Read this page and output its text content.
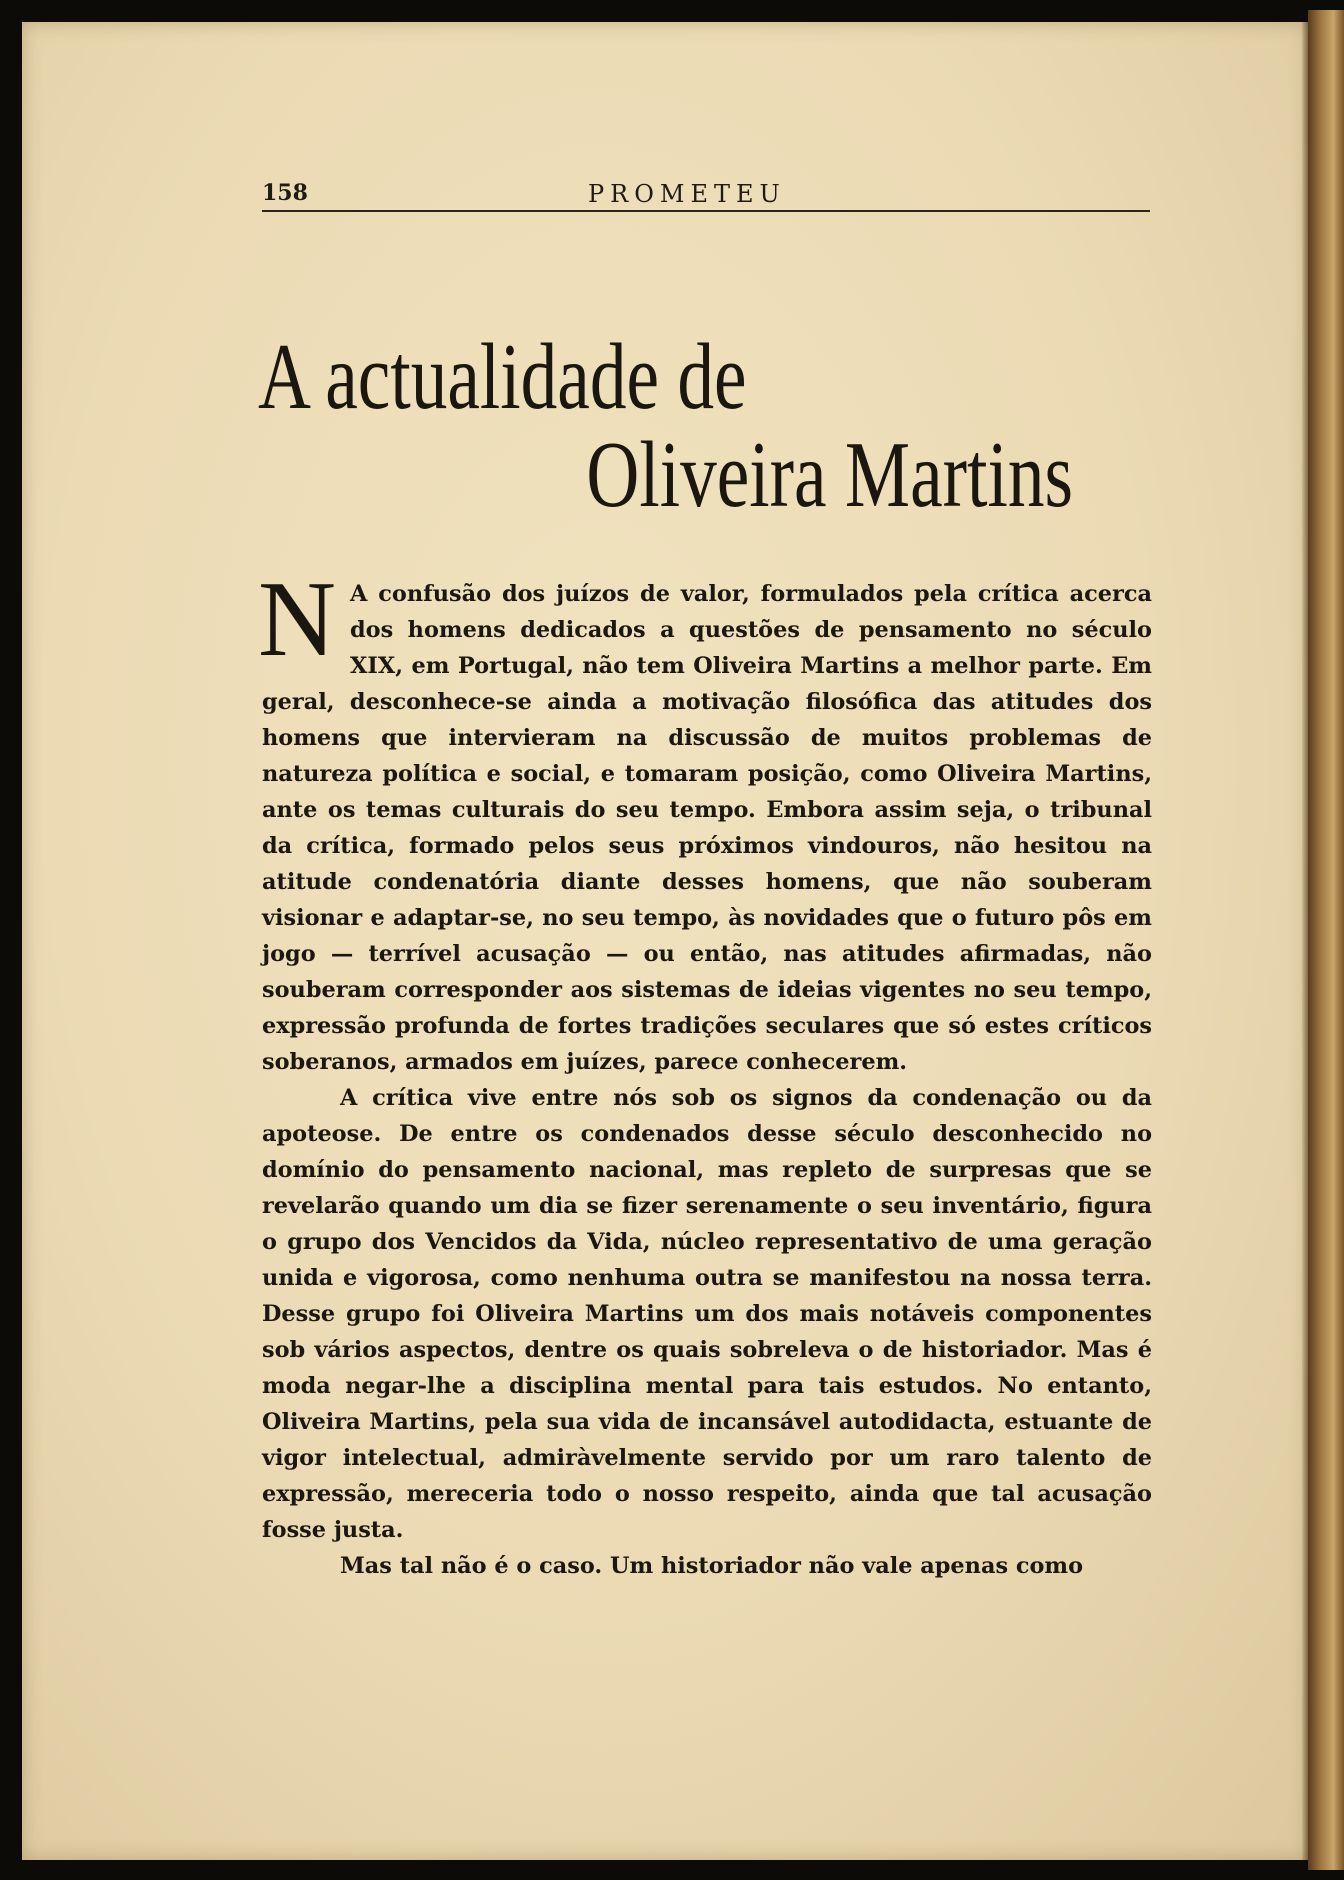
158	PROMETEU
A actualidade de
Oliveira Martins

N A confusão dos juízos de valor, formulados pela crítica acerca dos homens dedicados a questões de pensamento no século XIX, em Portugal, não tem Oliveira Martins a melhor parte. Em geral, desconhece-se ainda a motivação filosófica das atitudes dos homens que intervieram na discussão de muitos problemas de natureza política e social, e tomaram posição, como Oliveira Martins, ante os temas culturais do seu tempo. Embora assim seja, o tribunal da crítica, formado pelos seus próximos vindouros, não hesitou na atitude condenatória diante desses homens, que não souberam visionar e adaptar-se, no seu tempo, às novidades que o futuro pôs em jogo — terrível acusação — ou então, nas atitudes afirmadas, não souberam corresponder aos sistemas de ideias vigentes no seu tempo, expressão profunda de fortes tradições seculares que só estes críticos soberanos, armados em juízes, parece conhecerem.

A crítica vive entre nós sob os signos da condenação ou da apoteose. De entre os condenados desse século desconhecido no domínio do pensamento nacional, mas repleto de surpresas que se revelarão quando um dia se fizer serenamente o seu inventário, figura o grupo dos Vencidos da Vida, núcleo representativo de uma geração unida e vigorosa, como nenhuma outra se manifestou na nossa terra. Desse grupo foi Oliveira Martins um dos mais notáveis componentes sob vários aspectos, dentre os quais sobreleva o de historiador. Mas é moda negar-lhe a disciplina mental para tais estudos. No entanto, Oliveira Martins, pela sua vida de incansável autodidacta, estuante de vigor intelectual, admiràvelmente servido por um raro talento de expressão, mereceria todo o nosso respeito, ainda que tal acusação fosse justa.

Mas tal não é o caso. Um historiador não vale apenas como
